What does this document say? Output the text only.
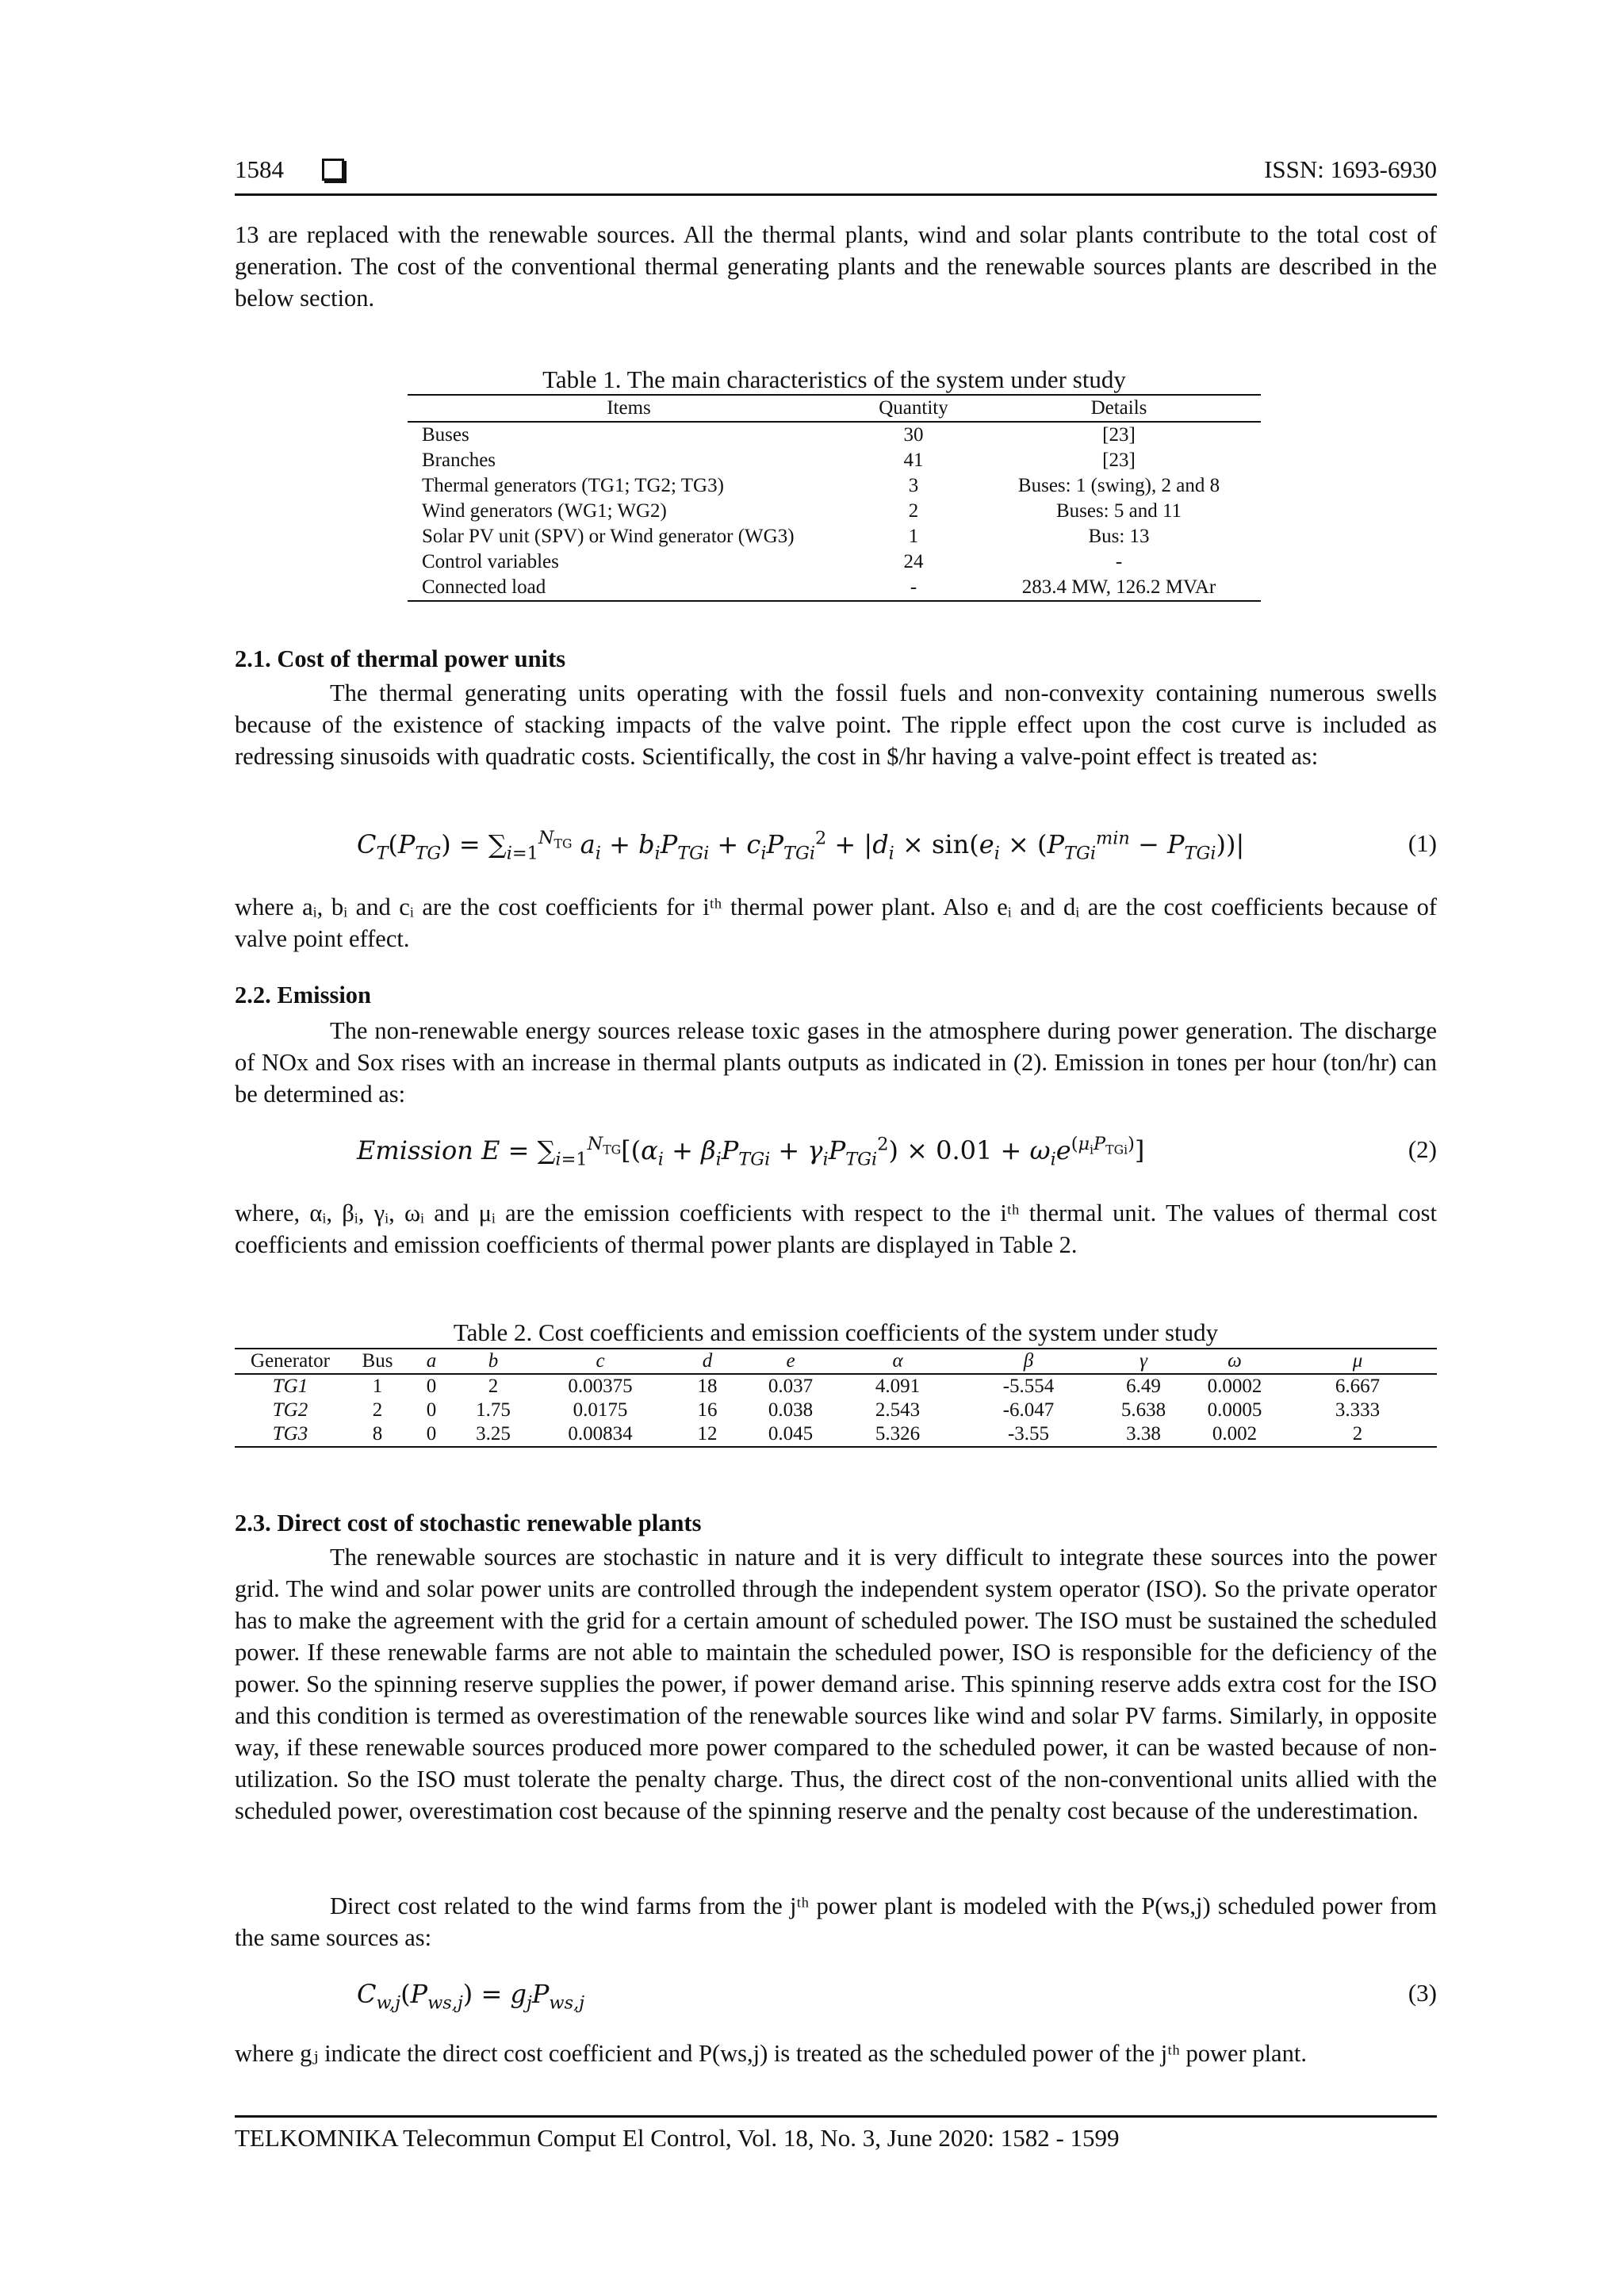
1584	ISSN: 1693-6930

13 are replaced with the renewable sources. All the thermal plants, wind and solar plants contribute to the total cost of generation. The cost of the conventional thermal generating plants and the renewable sources plants are described in the below section.

Table 1. The main characteristics of the system under study
Items	Quantity	Details
Buses	30	[23]
Branches	41	[23]
Thermal generators (TG1; TG2; TG3)	3	Buses: 1 (swing), 2 and 8
Wind generators (WG1; WG2)	2	Buses: 5 and 11
Solar PV unit (SPV) or Wind generator (WG3)	1	Bus: 13
Control variables	24	-
Connected load	-	283.4 MW, 126.2 MVAr
2.1. Cost of thermal power units

The thermal generating units operating with the fossil fuels and non-convexity containing numerous swells because of the existence of stacking impacts of the valve point. The ripple effect upon the cost curve is included as redressing sinusoids with quadratic costs. Scientifically, the cost in $/hr having a valve-point effect is treated as:

$C_T(P_{TG}) = \sum_{i=1}^{N_{TG}}$ $a_i + b_iP_{TGi} + c_iP_{TGi}^2 + |d_i \times \sin(e_i \times (P_{TGi}^{min} - P_{TGi}))|$	(1)

where aᵢ, bᵢ and cᵢ are the cost coefficients for iᵗʰ thermal power plant. Also eᵢ and dᵢ are the cost coefficients because of valve point effect.

2.2. Emission

The non-renewable energy sources release toxic gases in the atmosphere during power generation. The discharge of NOx and Sox rises with an increase in thermal plants outputs as indicated in (2). Emission in tones per hour (ton/hr) can be determined as:

Emission $E = \sum_{i=1}^{N_{TG}}[(\alpha_i + \beta_iP_{TGi} + \gamma_iP_{TGi}^2) \times 0.01 + \omega_ie^{(\mu_iP_{TGi})}]$	(2)

where, αᵢ, βᵢ, γᵢ, ωᵢ and μᵢ are the emission coefficients with respect to the iᵗʰ thermal unit. The values of thermal cost coefficients and emission coefficients of thermal power plants are displayed in Table 2.

Table 2. Cost coefficients and emission coefficients of the system under study
Generator	Bus	a	b	c	d	e	α	β	γ	ω	μ
TG1	1	0	2	0.00375	18	0.037	4.091	-5.554	6.49	0.0002	6.667
TG2	2	0	1.75	0.0175	16	0.038	2.543	-6.047	5.638	0.0005	3.333
TG3	8	0	3.25	0.00834	12	0.045	5.326	-3.55	3.38	0.002	2
2.3. Direct cost of stochastic renewable plants

The renewable sources are stochastic in nature and it is very difficult to integrate these sources into the power grid. The wind and solar power units are controlled through the independent system operator (ISO). So the private operator has to make the agreement with the grid for a certain amount of scheduled power. The ISO must be sustained the scheduled power. If these renewable farms are not able to maintain the scheduled power, ISO is responsible for the deficiency of the power. So the spinning reserve supplies the power, if power demand arise. This spinning reserve adds extra cost for the ISO and this condition is termed as overestimation of the renewable sources like wind and solar PV farms. Similarly, in opposite way, if these renewable sources produced more power compared to the scheduled power, it can be wasted because of non-utilization. So the ISO must tolerate the penalty charge. Thus, the direct cost of the non-conventional units allied with the scheduled power, overestimation cost because of the spinning reserve and the penalty cost because of the underestimation.

Direct cost related to the wind farms from the jᵗʰ power plant is modeled with the P(ws,j) scheduled power from the same sources as:

$C_{w,j}(P_{ws,j}) = g_jP_{ws,j}$	(3)

where gⱼ indicate the direct cost coefficient and P(ws,j) is treated as the scheduled power of the jᵗʰ power plant.

TELKOMNIKA Telecommun Comput El Control, Vol. 18, No. 3, June 2020: 1582 - 1599
